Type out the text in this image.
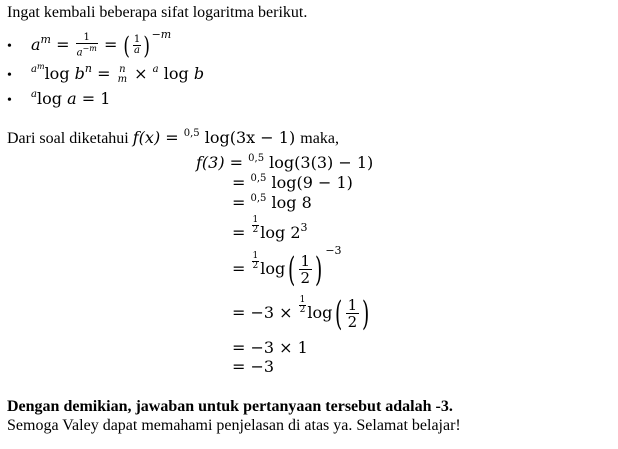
Ingat kembali beberapa sifat logaritma berikut.
• $a^m = \frac{1}{a^{-m}}$ = ( $\frac{1}{a} )^{-m}$
• $^{am}$log $b^n = n$
m × $^a$ log b
• $^a$log a = 1
Dari soal diketahui f(x) = $^{0,5}$ log(3x − 1) maka,
f(3) = $^{0,5}$ log(3(3) − 1)
= $^{0,5}$ log(9 − 1)
= $^{0,5}$ log 8
= $\frac{1}{2}$ $\log 2^3$
= $\frac{1}{2} \log( \frac{1}{2}$ ) $^{-3}$
= $-3 \times \frac{1}{2} \log( \frac{1}{2}$ )
= −3 × 1
= −3
Dengan demikian, jawaban untuk pertanyaan tersebut adalah -3.
Semoga Valey dapat memahami penjelasan di atas ya. Selamat belajar!
